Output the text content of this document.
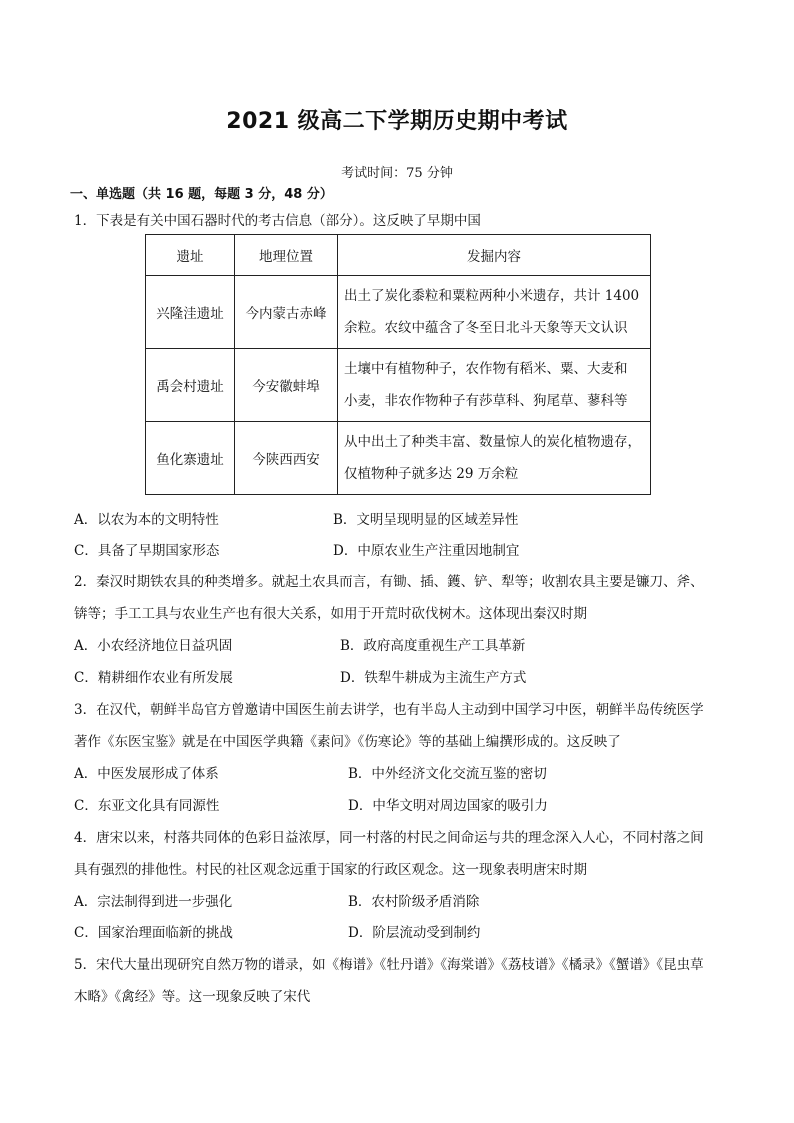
2021 级高二下学期历史期中考试
考试时间：75 分钟
一、单选题（共 16 题，每题 3 分，48 分）
1．下表是有关中国石器时代的考古信息（部分）。这反映了早期中国
遗址	地理位置	发掘内容
兴隆洼遗址	今内蒙古赤峰	出土了炭化黍粒和粟粒两种小米遗存，共计 1400
余粒。农纹中蕴含了冬至日北斗天象等天文认识

禹会村遗址	今安徽蚌埠	土壤中有植物种子，农作物有稻米、粟、大麦和
小麦，非农作物种子有莎草科、狗尾草、蓼科等

鱼化寨遗址	今陕西西安	从中出土了种类丰富、数量惊人的炭化植物遗存，
仅植物种子就多达 29 万余粒
A．以农为本的文明特性	B．文明呈现明显的区域差异性
C．具备了早期国家形态	D．中原农业生产注重因地制宜
2．秦汉时期铁农具的种类增多。就起土农具而言，有锄、插、鑊、铲、犁等；收割农具主要是镰刀、斧、
锛等；手工工具与农业生产也有很大关系，如用于开荒时砍伐树木。这体现出秦汉时期
A．小农经济地位日益巩固	B．政府高度重视生产工具革新
C．精耕细作农业有所发展	D．铁犁牛耕成为主流生产方式
3．在汉代，朝鲜半岛官方曾邀请中国医生前去讲学，也有半岛人主动到中国学习中医，朝鲜半岛传统医学
著作《东医宝鉴》就是在中国医学典籍《素问》《伤寒论》等的基础上编撰形成的。这反映了
A．中医发展形成了体系	B．中外经济文化交流互鉴的密切
C．东亚文化具有同源性	D．中华文明对周边国家的吸引力
4．唐宋以来，村落共同体的色彩日益浓厚，同一村落的村民之间命运与共的理念深入人心，不同村落之间
具有强烈的排他性。村民的社区观念远重于国家的行政区观念。这一现象表明唐宋时期
A．宗法制得到进一步强化	B．农村阶级矛盾消除
C．国家治理面临新的挑战	D．阶层流动受到制约
5．宋代大量出现研究自然万物的谱录，如《梅谱》《牡丹谱》《海棠谱》《荔枝谱》《橘录》《蟹谱》《昆虫草
木略》《禽经》等。这一现象反映了宋代
